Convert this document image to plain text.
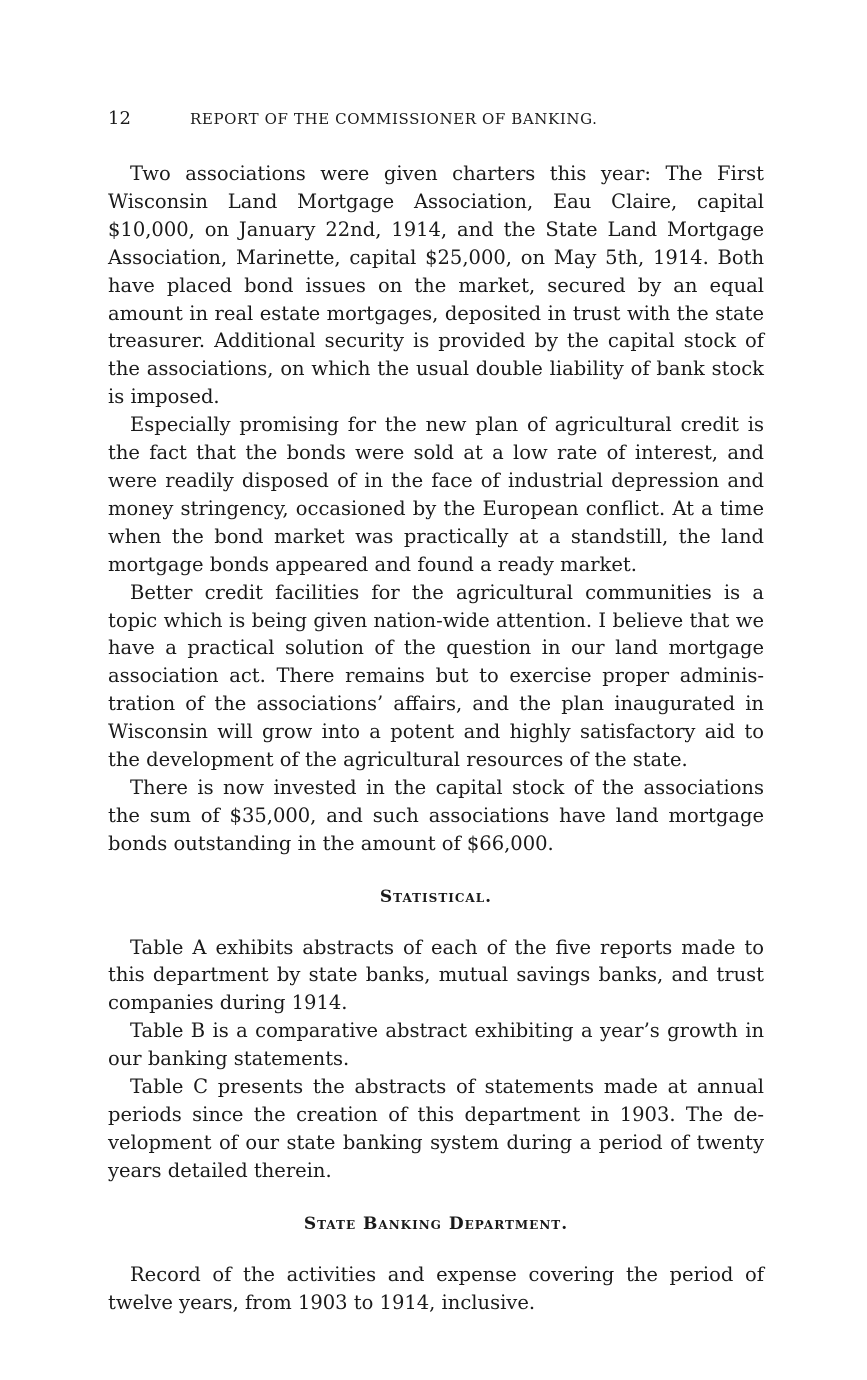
12	REPORT OF THE COMMISSIONER OF BANKING.

Two associations were given charters this year: The First Wisconsin Land Mortgage Association, Eau Claire, capital $10,000, on January 22nd, 1914, and the State Land Mortgage Association, Marinette, capital $25,000, on May 5th, 1914. Both have placed bond issues on the market, secured by an equal amount in real estate mortgages, deposited in trust with the state treasurer. Additional security is provided by the capital stock of the associations, on which the usual double liability of bank stock is imposed.

Especially promising for the new plan of agricultural credit is the fact that the bonds were sold at a low rate of interest, and were readily disposed of in the face of industrial depression and money stringency, occasioned by the European conflict. At a time when the bond market was practically at a standstill, the land mortgage bonds appeared and found a ready market.

Better credit facilities for the agricultural communities is a topic which is being given nation-wide attention. I believe that we have a practical solution of the question in our land mortgage association act. There remains but to exercise proper administration of the associations’ affairs, and the plan inaugurated in Wisconsin will grow into a potent and highly satisfactory aid to the development of the agricultural resources of the state.

There is now invested in the capital stock of the associations the sum of $35,000, and such associations have land mortgage bonds outstanding in the amount of $66,000.

Statistical.

Table A exhibits abstracts of each of the five reports made to this department by state banks, mutual savings banks, and trust companies during 1914.

Table B is a comparative abstract exhibiting a year’s growth in our banking statements.

Table C presents the abstracts of statements made at annual periods since the creation of this department in 1903. The development of our state banking system during a period of twenty years detailed therein.

State Banking Department.

Record of the activities and expense covering the period of twelve years, from 1903 to 1914, inclusive.
